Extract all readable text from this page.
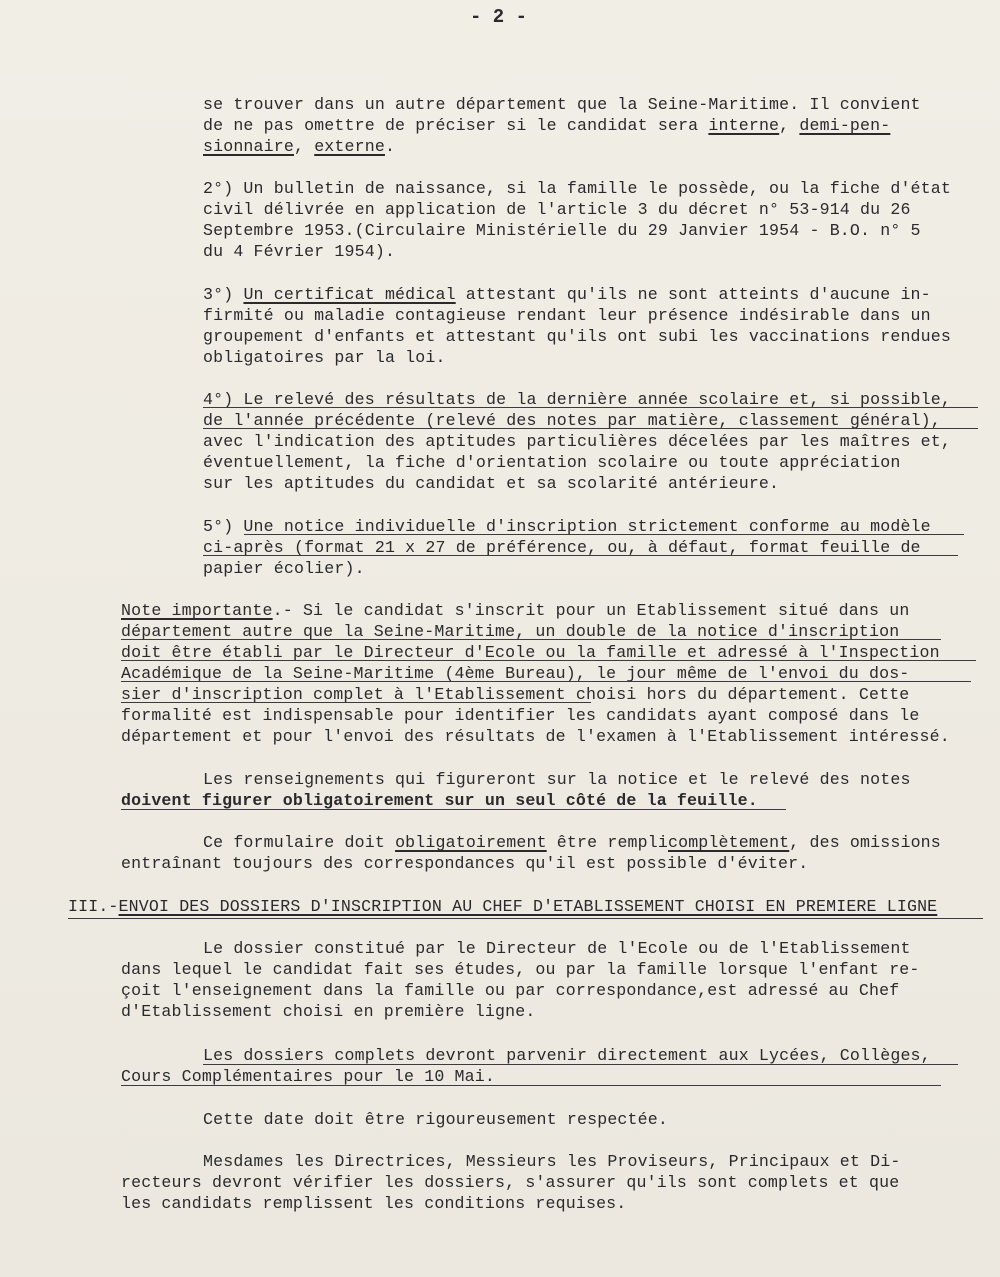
- 2 -
se trouver dans un autre département que la Seine-Maritime. Il convient
de ne pas omettre de préciser si le candidat sera interne, demi-pen-
sionnaire, externe.
2°) Un bulletin de naissance, si la famille le possède, ou la fiche d'état
civil délivrée en application de l'article 3 du décret n° 53-914 du 26
Septembre 1953.(Circulaire Ministérielle du 29 Janvier 1954 - B.O. n° 5
du 4 Février 1954).
3°) Un certificat médical attestant qu'ils ne sont atteints d'aucune in-
firmité ou maladie contagieuse rendant leur présence indésirable dans un
groupement d'enfants et attestant qu'ils ont subi les vaccinations rendues
obligatoires par la loi.
4°) Le relevé des résultats de la dernière année scolaire et, si possible,
de l'année précédente (relevé des notes par matière, classement général),
avec l'indication des aptitudes particulières décelées par les maîtres et,
éventuellement, la fiche d'orientation scolaire ou toute appréciation
sur les aptitudes du candidat et sa scolarité antérieure.
5°) Une notice individuelle d'inscription strictement conforme au modèle
ci-après (format 21 x 27 de préférence, ou, à défaut, format feuille de
papier écolier).
Note importante.- Si le candidat s'inscrit pour un Etablissement situé dans un
département autre que la Seine-Maritime, un double de la notice d'inscription
doit être établi par le Directeur d'Ecole ou la famille et adressé à l'Inspection
Académique de la Seine-Maritime (4ème Bureau), le jour même de l'envoi du dos-
sier d'inscription complet à l'Etablissement choisi hors du département. Cette
formalité est indispensable pour identifier les candidats ayant composé dans le
département et pour l'envoi des résultats de l'examen à l'Etablissement intéressé.
Les renseignements qui figureront sur la notice et le relevé des notes
doivent figurer obligatoirement sur un seul côté de la feuille.
Ce formulaire doit obligatoirement être remplicomplètement, des omissions
entraînant toujours des correspondances qu'il est possible d'éviter.
III.-ENVOI DES DOSSIERS D'INSCRIPTION AU CHEF D'ETABLISSEMENT CHOISI EN PREMIERE LIGNE
Le dossier constitué par le Directeur de l'Ecole ou de l'Etablissement
dans lequel le candidat fait ses études, ou par la famille lorsque l'enfant re-
çoit l'enseignement dans la famille ou par correspondance,est adressé au Chef
d'Etablissement choisi en première ligne.
Les dossiers complets devront parvenir directement aux Lycées, Collèges,
Cours Complémentaires pour le 10 Mai.
Cette date doit être rigoureusement respectée.
Mesdames les Directrices, Messieurs les Proviseurs, Principaux et Di-
recteurs devront vérifier les dossiers, s'assurer qu'ils sont complets et que
les candidats remplissent les conditions requises.
